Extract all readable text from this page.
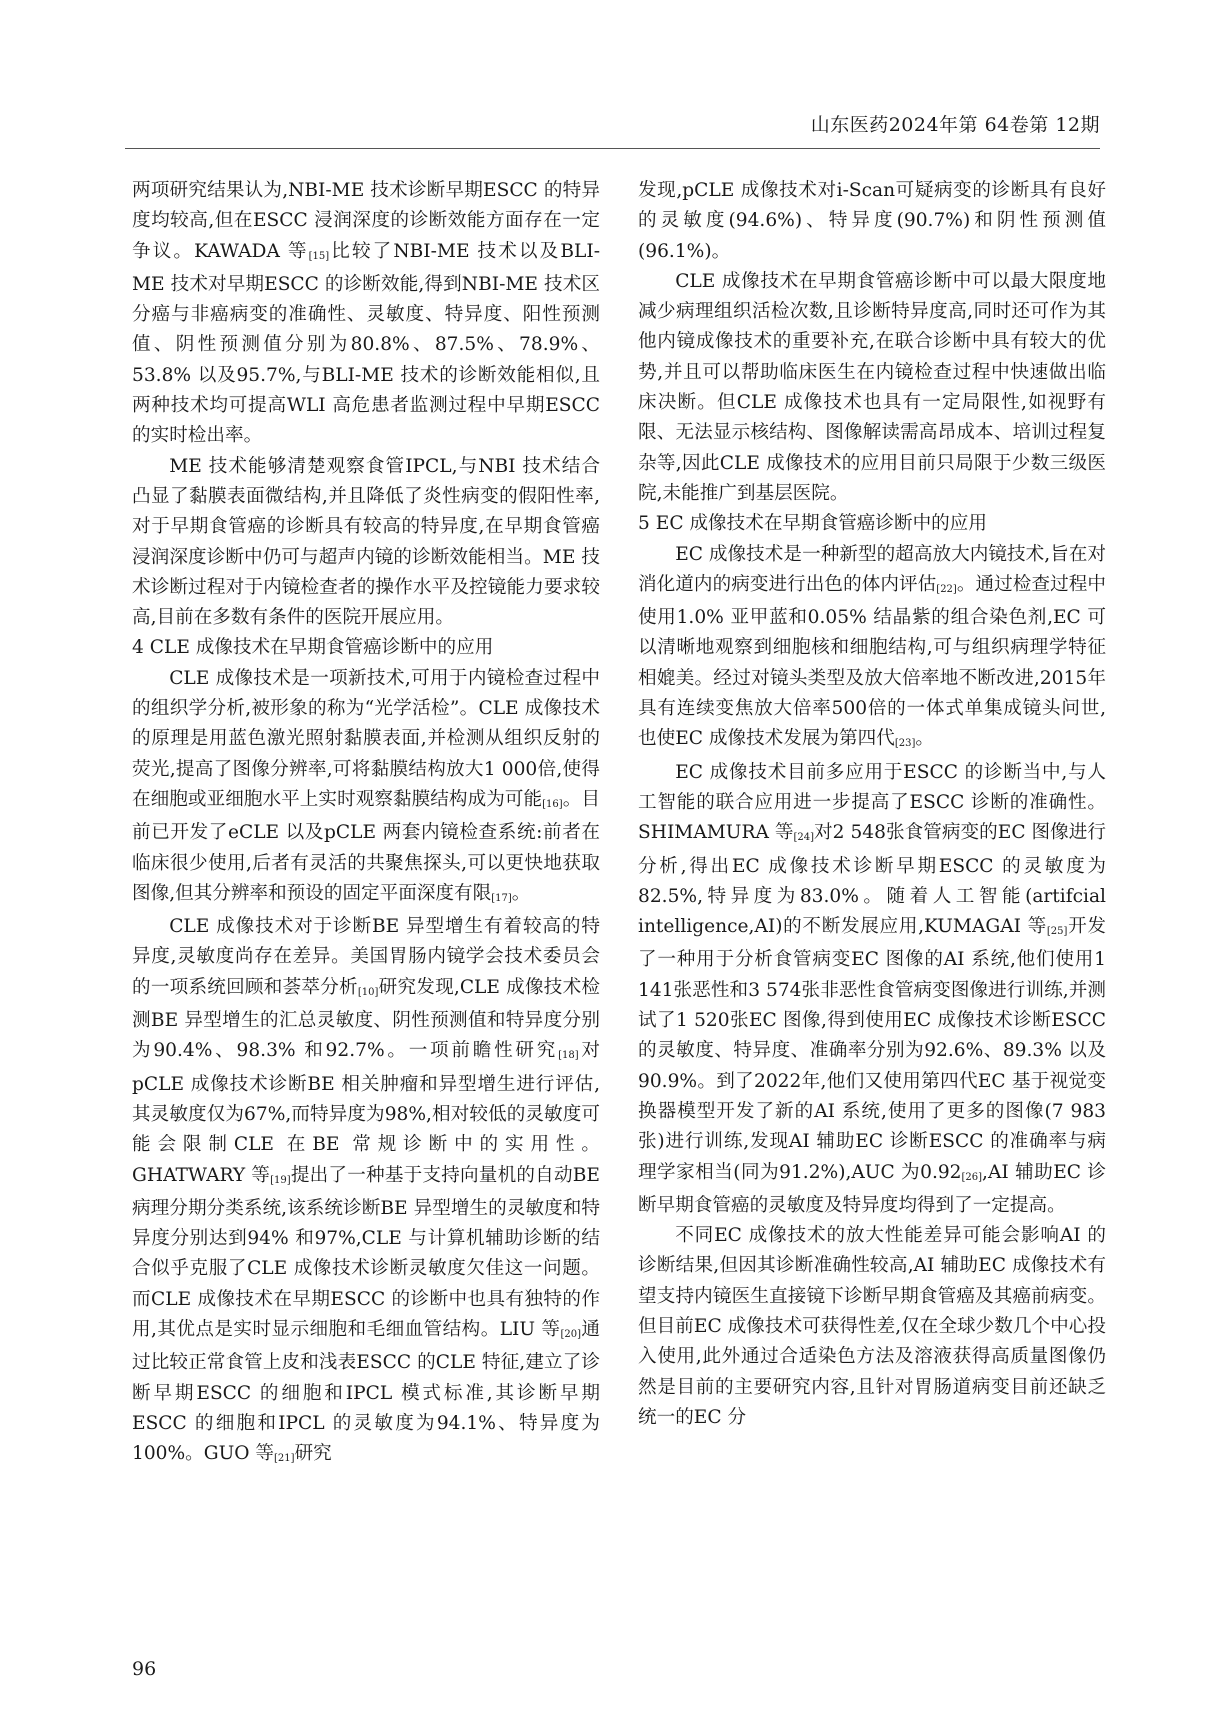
山东医药2024年第 64卷第 12期

两项研究结果认为,NBI-ME 技术诊断早期ESCC 的特异度均较高,但在ESCC 浸润深度的诊断效能方面存在一定争议。KAWADA 等[15]比较了NBI-ME 技术以及BLI-ME 技术对早期ESCC 的诊断效能,得到NBI-ME 技术区分癌与非癌病变的准确性、灵敏度、特异度、阳性预测值、阴性预测值分别为80.8%、87.5%、78.9%、53.8% 以及95.7%,与BLI-ME 技术的诊断效能相似,且两种技术均可提高WLI 高危患者监测过程中早期ESCC 的实时检出率。

ME 技术能够清楚观察食管IPCL,与NBI 技术结合凸显了黏膜表面微结构,并且降低了炎性病变的假阳性率,对于早期食管癌的诊断具有较高的特异度,在早期食管癌浸润深度诊断中仍可与超声内镜的诊断效能相当。ME 技术诊断过程对于内镜检查者的操作水平及控镜能力要求较高,目前在多数有条件的医院开展应用。

4 CLE 成像技术在早期食管癌诊断中的应用

CLE 成像技术是一项新技术,可用于内镜检查过程中的组织学分析,被形象的称为“光学活检”。CLE 成像技术的原理是用蓝色激光照射黏膜表面,并检测从组织反射的荧光,提高了图像分辨率,可将黏膜结构放大1 000倍,使得在细胞或亚细胞水平上实时观察黏膜结构成为可能[16]。目前已开发了eCLE 以及pCLE 两套内镜检查系统:前者在临床很少使用,后者有灵活的共聚焦探头,可以更快地获取图像,但其分辨率和预设的固定平面深度有限[17]。

CLE 成像技术对于诊断BE 异型增生有着较高的特异度,灵敏度尚存在差异。美国胃肠内镜学会技术委员会的一项系统回顾和荟萃分析[10]研究发现,CLE 成像技术检测BE 异型增生的汇总灵敏度、阴性预测值和特异度分别为90.4%、98.3% 和92.7%。一项前瞻性研究[18]对pCLE 成像技术诊断BE 相关肿瘤和异型增生进行评估,其灵敏度仅为67%,而特异度为98%,相对较低的灵敏度可能会限制CLE 在BE 常规诊断中的实用性。GHATWARY 等[19]提出了一种基于支持向量机的自动BE 病理分期分类系统,该系统诊断BE 异型增生的灵敏度和特异度分别达到94% 和97%,CLE 与计算机辅助诊断的结合似乎克服了CLE 成像技术诊断灵敏度欠佳这一问题。而CLE 成像技术在早期ESCC 的诊断中也具有独特的作用,其优点是实时显示细胞和毛细血管结构。LIU 等[20]通过比较正常食管上皮和浅表ESCC 的CLE 特征,建立了诊断早期ESCC 的细胞和IPCL 模式标准,其诊断早期ESCC 的细胞和IPCL 的灵敏度为94.1%、特异度为100%。GUO 等[21]研究

发现,pCLE 成像技术对i-Scan可疑病变的诊断具有良好的灵敏度(94.6%)、特异度(90.7%)和阴性预测值(96.1%)。

CLE 成像技术在早期食管癌诊断中可以最大限度地减少病理组织活检次数,且诊断特异度高,同时还可作为其他内镜成像技术的重要补充,在联合诊断中具有较大的优势,并且可以帮助临床医生在内镜检查过程中快速做出临床决断。但CLE 成像技术也具有一定局限性,如视野有限、无法显示核结构、图像解读需高昂成本、培训过程复杂等,因此CLE 成像技术的应用目前只局限于少数三级医院,未能推广到基层医院。

5 EC 成像技术在早期食管癌诊断中的应用

EC 成像技术是一种新型的超高放大内镜技术,旨在对消化道内的病变进行出色的体内评估[22]。通过检查过程中使用1.0% 亚甲蓝和0.05% 结晶紫的组合染色剂,EC 可以清晰地观察到细胞核和细胞结构,可与组织病理学特征相媲美。经过对镜头类型及放大倍率地不断改进,2015年具有连续变焦放大倍率500倍的一体式单集成镜头问世,也使EC 成像技术发展为第四代[23]。

EC 成像技术目前多应用于ESCC 的诊断当中,与人工智能的联合应用进一步提高了ESCC 诊断的准确性。SHIMAMURA 等[24]对2 548张食管病变的EC 图像进行分析,得出EC 成像技术诊断早期ESCC 的灵敏度为82.5%,特异度为83.0%。随着人工智能(artifcial intelligence,AI)的不断发展应用,KUMAGAI 等[25]开发了一种用于分析食管病变EC 图像的AI 系统,他们使用1 141张恶性和3 574张非恶性食管病变图像进行训练,并测试了1 520张EC 图像,得到使用EC 成像技术诊断ESCC 的灵敏度、特异度、准确率分别为92.6%、89.3% 以及90.9%。到了2022年,他们又使用第四代EC 基于视觉变换器模型开发了新的AI 系统,使用了更多的图像(7 983张)进行训练,发现AI 辅助EC 诊断ESCC 的准确率与病理学家相当(同为91.2%),AUC 为0.92[26],AI 辅助EC 诊断早期食管癌的灵敏度及特异度均得到了一定提高。

不同EC 成像技术的放大性能差异可能会影响AI 的诊断结果,但因其诊断准确性较高,AI 辅助EC 成像技术有望支持内镜医生直接镜下诊断早期食管癌及其癌前病变。但目前EC 成像技术可获得性差,仅在全球少数几个中心投入使用,此外通过合适染色方法及溶液获得高质量图像仍然是目前的主要研究内容,且针对胃肠道病变目前还缺乏统一的EC 分

96
